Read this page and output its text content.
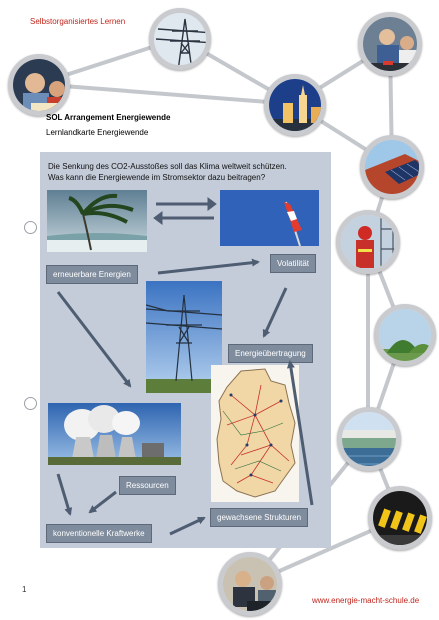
Selbstorganisiertes Lernen
SOL Arrangement Energiewende
Lernlandkarte Energiewende
Die Senkung des CO2-Ausstoßes soll das Klima weltweit schützen.
Was kann die Energiewende im Stromsektor dazu beitragen?
erneuerbare Energien
Volatilität
Energieübertragung
Ressourcen
gewachsene Strukturen
konventionelle Kraftwerke
1
www.energie-macht-schule.de
